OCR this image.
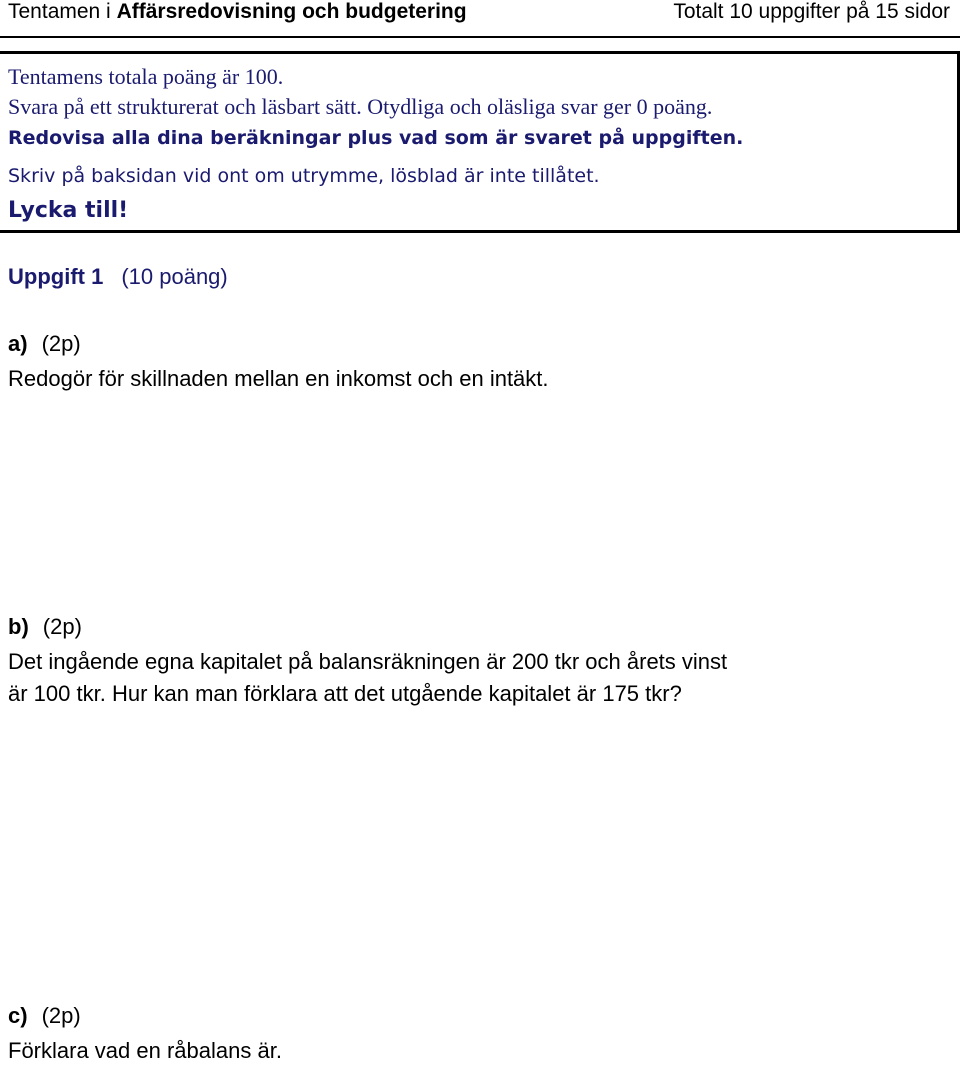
Tentamen i Affärsredovisning och budgetering	Totalt 10 uppgifter på 15 sidor
Tentamens totala poäng är 100.
Svara på ett strukturerat och läsbart sätt. Otydliga och oläsliga svar ger 0 poäng.
Redovisa alla dina beräkningar plus vad som är svaret på uppgiften.
Skriv på baksidan vid ont om utrymme, lösblad är inte tillåtet.
Lycka till!
Uppgift 1 (10 poäng)
a) (2p)
Redogör för skillnaden mellan en inkomst och en intäkt.
b) (2p)
Det ingående egna kapitalet på balansräkningen är 200 tkr och årets vinst
är 100 tkr. Hur kan man förklara att det utgående kapitalet är 175 tkr?
c) (2p)
Förklara vad en råbalans är.
